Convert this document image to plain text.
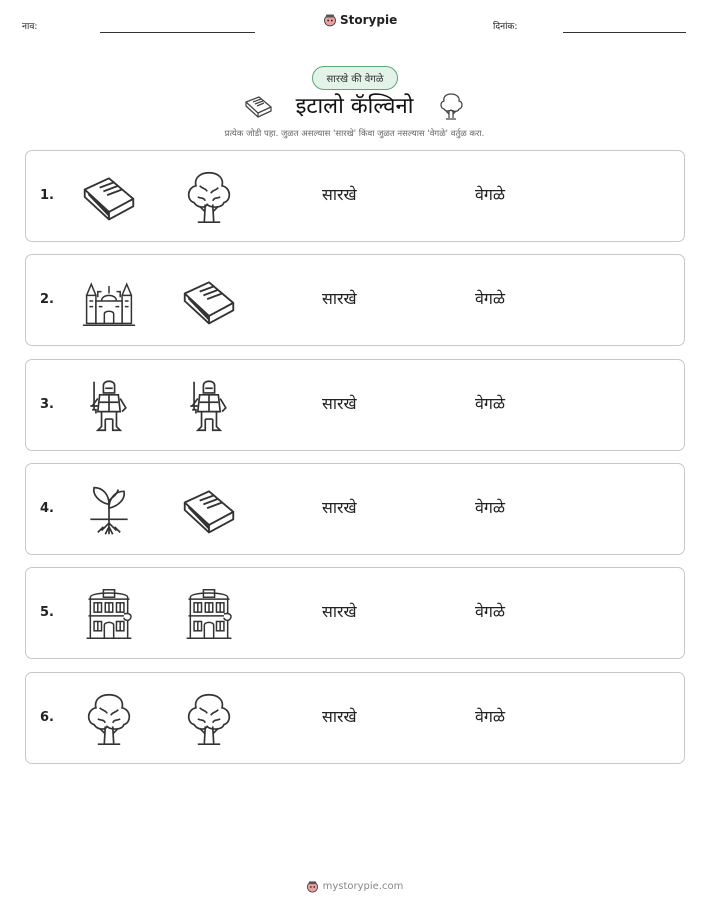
नाव:	Storypie	दिनांक:
सारखे की वेगळे
इटालो कॅल्विनो
प्रत्येक जोडी पहा. जुळत असल्यास 'सारखे' किंवा जुळत नसल्यास 'वेगळे' वर्तुळ करा.
1.	सारखे	वेगळे
2.	सारखे	वेगळे
3.	सारखे	वेगळे
4.	सारखे	वेगळे
5.	सारखे	वेगळे
6.	सारखे	वेगळे
mystorypie.com
